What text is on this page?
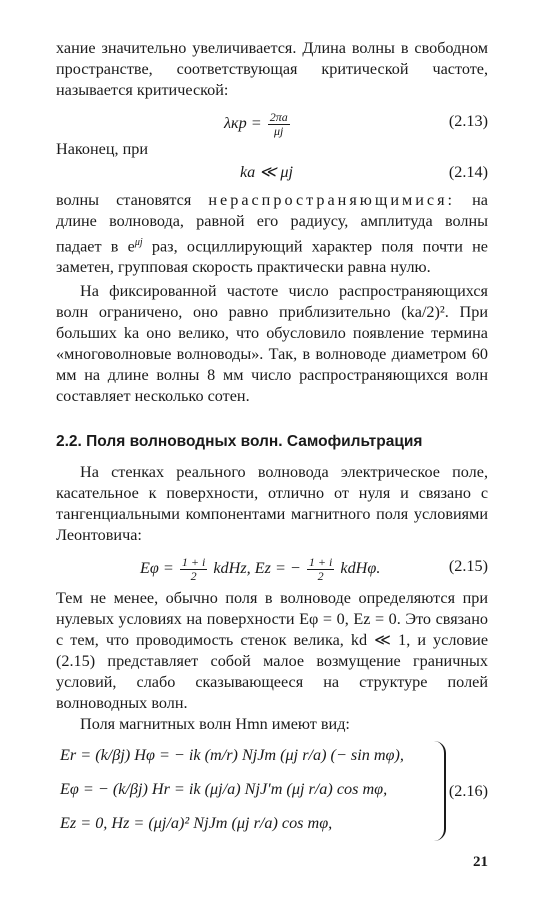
хание значительно увеличивается. Длина волны в свободном пространстве, соответствующая критической частоте, называется критической:

$\lambda кр = \frac{2\pi a}{\mu j}$	(2.13)

Наконец, при

ka ≪ μj	(2.14)

волны становятся нераспространяющимися: на длине волновода, равной его радиусу, амплитуда волны падает в $e^{\mu j}$ раз, осциллирующий характер поля почти не заметен, групповая скорость практически равна нулю.

На фиксированной частоте число распространяющихся волн ограничено, оно равно приблизительно (ka/2)². При больших ka оно велико, что обусловило появление термина «многоволновые волноводы». Так, в волноводе диаметром 60 мм на длине волны 8 мм число распространяющихся волн составляет несколько сотен.

2.2. Поля волноводных волн. Самофильтрация

На стенках реального волновода электрическое поле, касательное к поверхности, отлично от нуля и связано с тангенциальными компонентами магнитного поля условиями Леонтовича:

$E\varphi = \frac{1 + i}{2}$ kdHz, Ez = − $\frac{1 + i}{2} kdH\varphi$.	(2.15)

Тем не менее, обычно поля в волноводе определяются при нулевых условиях на поверхности Eφ = 0, Ez = 0. Это связано с тем, что проводимость стенок велика, kd ≪ 1, и условие (2.15) представляет собой малое возмущение граничных условий, слабо сказывающееся на структуре полей волноводных волн.

Поля магнитных волн Hmn имеют вид:

Er = (k/βj) Hφ = − ik (m/r) NjJm (μj r/a) (− sin mφ),
Eφ = − (k/βj) Hr = ik (μj/a) NjJ′m (μj r/a) cos mφ,
Ez = 0, Hz = (μj/a)² NjJm (μj r/a) cos mφ,
(2.16)
21
